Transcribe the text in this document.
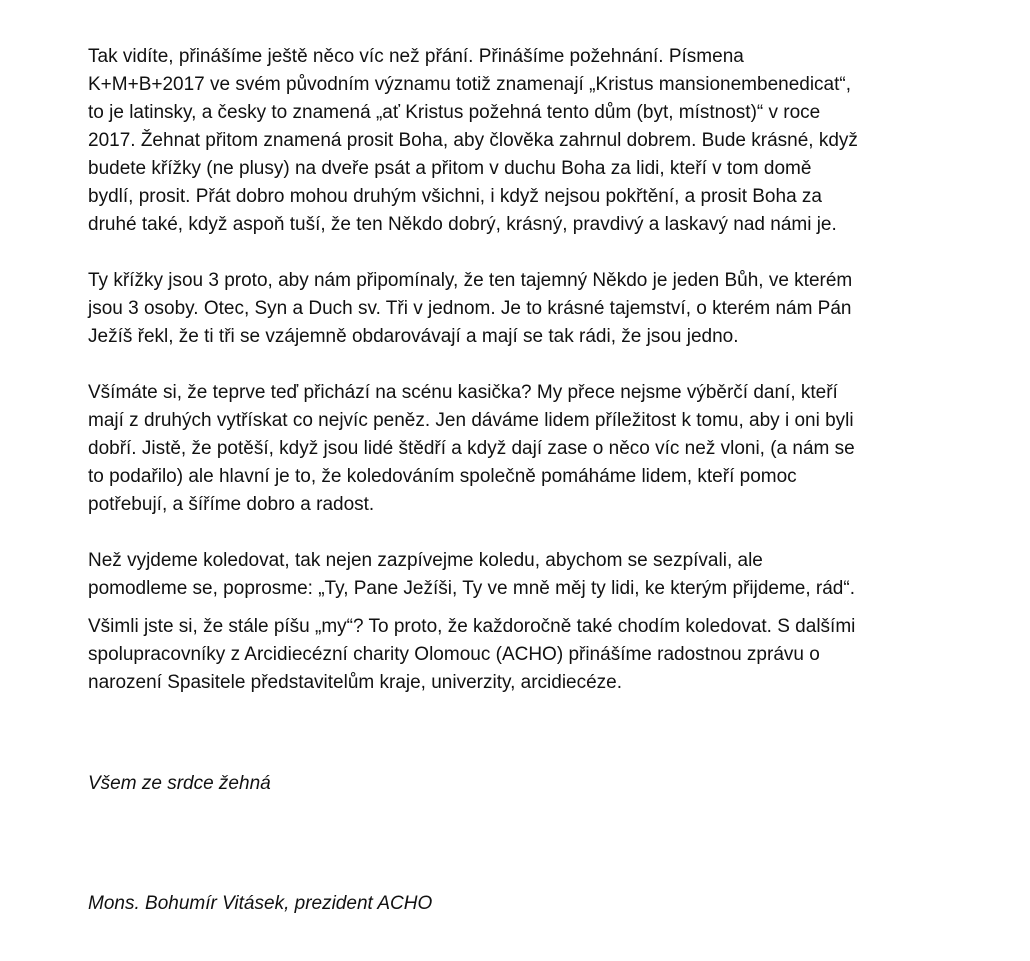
Tak vidíte, přinášíme ještě něco víc než přání. Přinášíme požehnání. Písmena
K+M+B+2017 ve svém původním významu totiž znamenají „Kristus mansionembenedicat“,
to je latinsky, a česky to znamená „ať Kristus požehná tento dům (byt, místnost)“ v roce
2017. Žehnat přitom znamená prosit Boha, aby člověka zahrnul dobrem. Bude krásné, když
budete křížky (ne plusy) na dveře psát a přitom v duchu Boha za lidi, kteří v tom domě
bydlí, prosit. Přát dobro mohou druhým všichni, i když nejsou pokřtění, a prosit Boha za
druhé také, když aspoň tuší, že ten Někdo dobrý, krásný, pravdivý a laskavý nad námi je.

Ty křížky jsou 3 proto, aby nám připomínaly, že ten tajemný Někdo je jeden Bůh, ve kterém
jsou 3 osoby. Otec, Syn a Duch sv. Tři v jednom. Je to krásné tajemství, o kterém nám Pán
Ježíš řekl, že ti tři se vzájemně obdarovávají a mají se tak rádi, že jsou jedno.

Všímáte si, že teprve teď přichází na scénu kasička? My přece nejsme výběrčí daní, kteří
mají z druhých vytřískat co nejvíc peněz. Jen dáváme lidem příležitost k tomu, aby i oni byli
dobří. Jistě, že potěší, když jsou lidé štědří a když dají zase o něco víc než vloni, (a nám se
to podařilo) ale hlavní je to, že koledováním společně pomáháme lidem, kteří pomoc
potřebují, a šíříme dobro a radost.

Než vyjdeme koledovat, tak nejen zazpívejme koledu, abychom se sezpívali, ale
pomodleme se, poprosme: „Ty, Pane Ježíši, Ty ve mně měj ty lidi, ke kterým přijdeme, rád“.

Všimli jste si, že stále píšu „my“? To proto, že každoročně také chodím koledovat. S dalšími
spolupracovníky z Arcidiecézní charity Olomouc (ACHO) přinášíme radostnou zprávu o
narození Spasitele představitelům kraje, univerzity, arcidiecéze.

Všem ze srdce žehná

Mons. Bohumír Vitásek, prezident ACHO
